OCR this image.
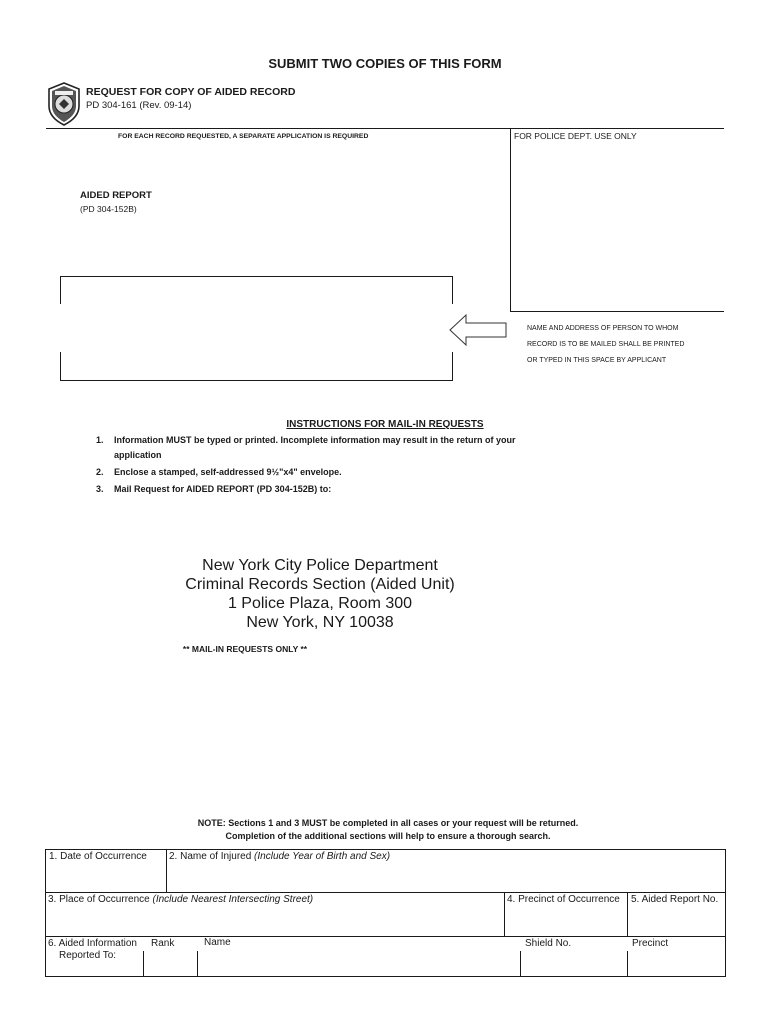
SUBMIT TWO COPIES OF THIS FORM
REQUEST FOR COPY OF AIDED RECORD
PD 304-161 (Rev. 09-14)
FOR EACH RECORD REQUESTED, A SEPARATE APPLICATION IS REQUIRED	FOR POLICE DEPT. USE ONLY
AIDED REPORT
(PD 304-152B)
NAME AND ADDRESS OF PERSON TO WHOM
RECORD IS TO BE MAILED SHALL BE PRINTED
OR TYPED IN THIS SPACE BY APPLICANT
INSTRUCTIONS FOR MAIL-IN REQUESTS
1. Information MUST be typed or printed. Incomplete information may result in the return of your
application
2. Enclose a stamped, self-addressed 9½"x4" envelope.
3. Mail Request for AIDED REPORT (PD 304-152B) to:
New York City Police Department
Criminal Records Section (Aided Unit)
1 Police Plaza, Room 300
New York, NY 10038
** MAIL-IN REQUESTS ONLY **
NOTE: Sections 1 and 3 MUST be completed in all cases or your request will be returned.
Completion of the additional sections will help to ensure a thorough search.
1. Date of Occurrence 2. Name of Injured (Include Year of Birth and Sex)
3. Place of Occurrence (Include Nearest Intersecting Street)	4. Precinct of Occurrence 5. Aided Report No.
6. Aided Information
Reported To:
Rank	Name	Shield No.	Precinct
